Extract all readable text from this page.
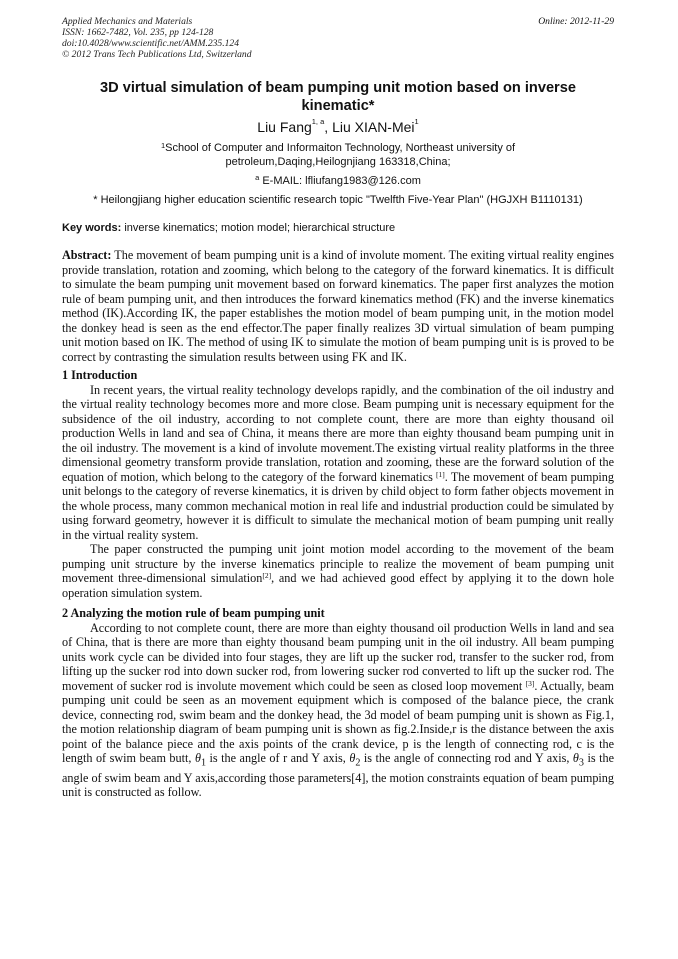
Applied Mechanics and Materials
ISSN: 1662-7482, Vol. 235, pp 124-128
doi:10.4028/www.scientific.net/AMM.235.124
© 2012 Trans Tech Publications Ltd, Switzerland
Online: 2012-11-29
3D virtual simulation of beam pumping unit motion based on inverse kinematic*
Liu Fang$^{1, a}$, Liu XIAN-Mei$^1$
$^1$School of Computer and Informaiton Technology, Northeast university of petroleum,Daqing,Heilognjiang 163318,China;
$^a$ E-MAIL: lfliufang1983@126.com
* Heilongjiang higher education scientific research topic "Twelfth Five-Year Plan" (HGJXH B1110131)
Key words: inverse kinematics; motion model; hierarchical structure

Abstract: The movement of beam pumping unit is a kind of involute moment. The exiting virtual reality engines provide translation, rotation and zooming, which belong to the category of the forward kinematics. It is difficult to simulate the beam pumping unit movement based on forward kinematics. The paper first analyzes the motion rule of beam pumping unit, and then introduces the forward kinematics method (FK) and the inverse kinematics method (IK).According IK, the paper establishes the motion model of beam pumping unit, in the motion model the donkey head is seen as the end effector.The paper finally realizes 3D virtual simulation of beam pumping unit motion based on IK. The method of using IK to simulate the motion of beam pumping unit is is proved to be correct by contrasting the simulation results between using FK and IK.

1 Introduction

In recent years, the virtual reality technology develops rapidly, and the combination of the oil industry and the virtual reality technology becomes more and more close. Beam pumping unit is necessary equipment for the subsidence of the oil industry, according to not complete count, there are more than eighty thousand oil production Wells in land and sea of China, it means there are more than eighty thousand beam pumping unit in the oil industry. The movement is a kind of involute movement.The existing virtual reality platforms in the three dimensional geometry transform provide translation, rotation and zooming, these are the forward solution of the equation of motion, which belong to the category of the forward kinematics [1]. The movement of beam pumping unit belongs to the category of reverse kinematics, it is driven by child object to form father objects movement in the whole process, many common mechanical motion in real life and industrial production could be simulated by using forward geometry, however it is difficult to simulate the mechanical motion of beam pumping unit really in the virtual reality system.

The paper constructed the pumping unit joint motion model according to the movement of the beam pumping unit structure by the inverse kinematics principle to realize the movement of beam pumping unit movement three-dimensional simulation[2], and we had achieved good effect by applying it to the down hole operation simulation system.

2 Analyzing the motion rule of beam pumping unit

According to not complete count, there are more than eighty thousand oil production Wells in land and sea of China, that is there are more than eighty thousand beam pumping unit in the oil industry. All beam pumping units work cycle can be divided into four stages, they are lift up the sucker rod, transfer to the sucker rod, from lifting up the sucker rod into down sucker rod, from lowering sucker rod converted to lift up the sucker rod. The movement of sucker rod is involute movement which could be seen as closed loop movement [3]. Actually, beam pumping unit could be seen as an movement equipment which is composed of the balance piece, the crank device, connecting rod, swim beam and the donkey head, the 3d model of beam pumping unit is shown as Fig.1, the motion relationship diagram of beam pumping unit is shown as fig.2.Inside,r is the distance between the axis point of the balance piece and the axis points of the crank device, p is the length of connecting rod, c is the length of swim beam butt, $\theta_1$ is the angle of r and Y axis, $\theta_2$ is the angle of connecting rod and Y axis, $\theta_3$ is the angle of swim beam and Y axis,according those parameters[4], the motion constraints equation of beam pumping unit is constructed as follow.
